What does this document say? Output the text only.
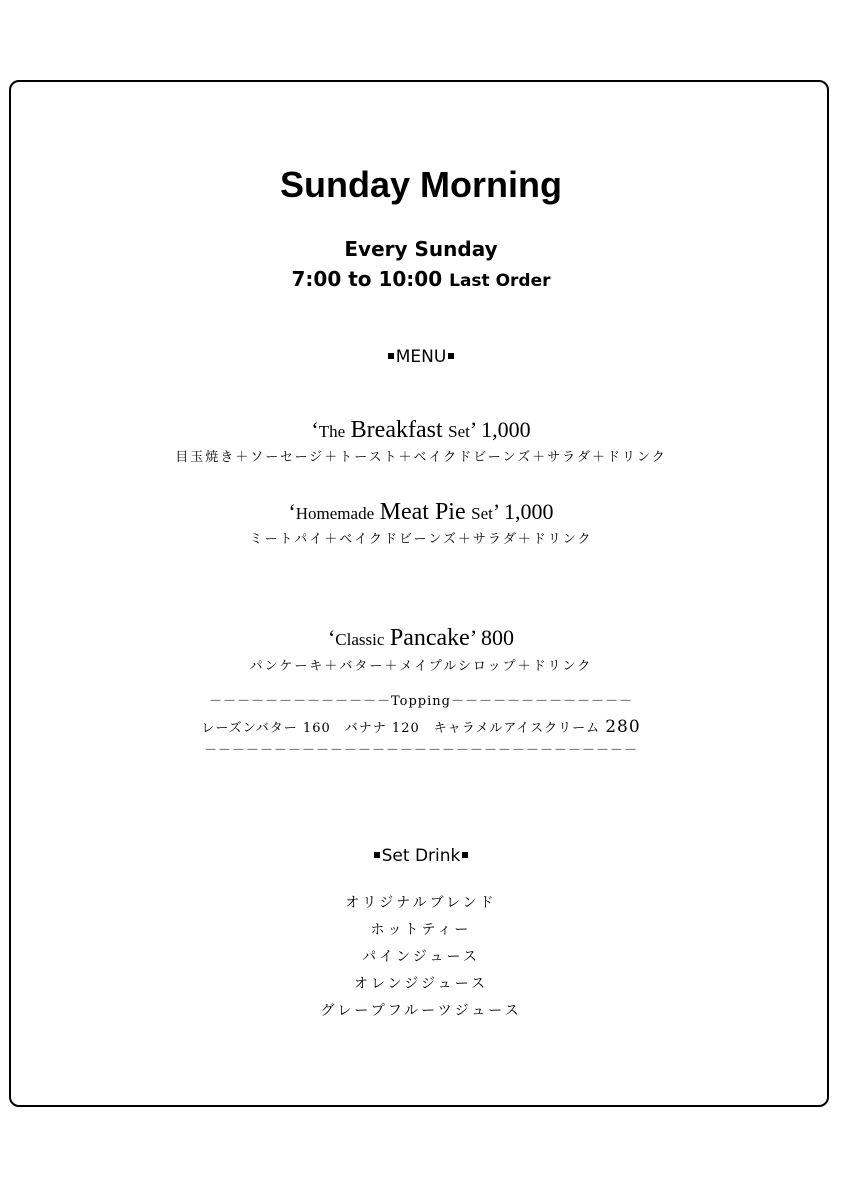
Sunday Morning
Every Sunday
7:00 to 10:00 Last Order
MENU
‘The Breakfast Set’ 1,000
目玉焼き＋ソーセージ＋トースト＋ベイクドビーンズ＋サラダ＋ドリンク
‘Homemade Meat Pie Set’ 1,000
ミートパイ＋ベイクドビーンズ＋サラダ＋ドリンク
‘Classic Pancake’ 800
パンケーキ＋バター＋メイプルシロップ＋ドリンク
－－－－－－－－－－－－－Topping－－－－－－－－－－－－－
レーズンバター 160　 バナナ 120　 キャラメルアイスクリーム 280
－－－－－－－－－－－－－－－－－－－－－－－－－－－－－－－
Set Drink
オリジナルブレンド
ホットティー
パインジュース
オレンジジュース
グレープフルーツジュース
